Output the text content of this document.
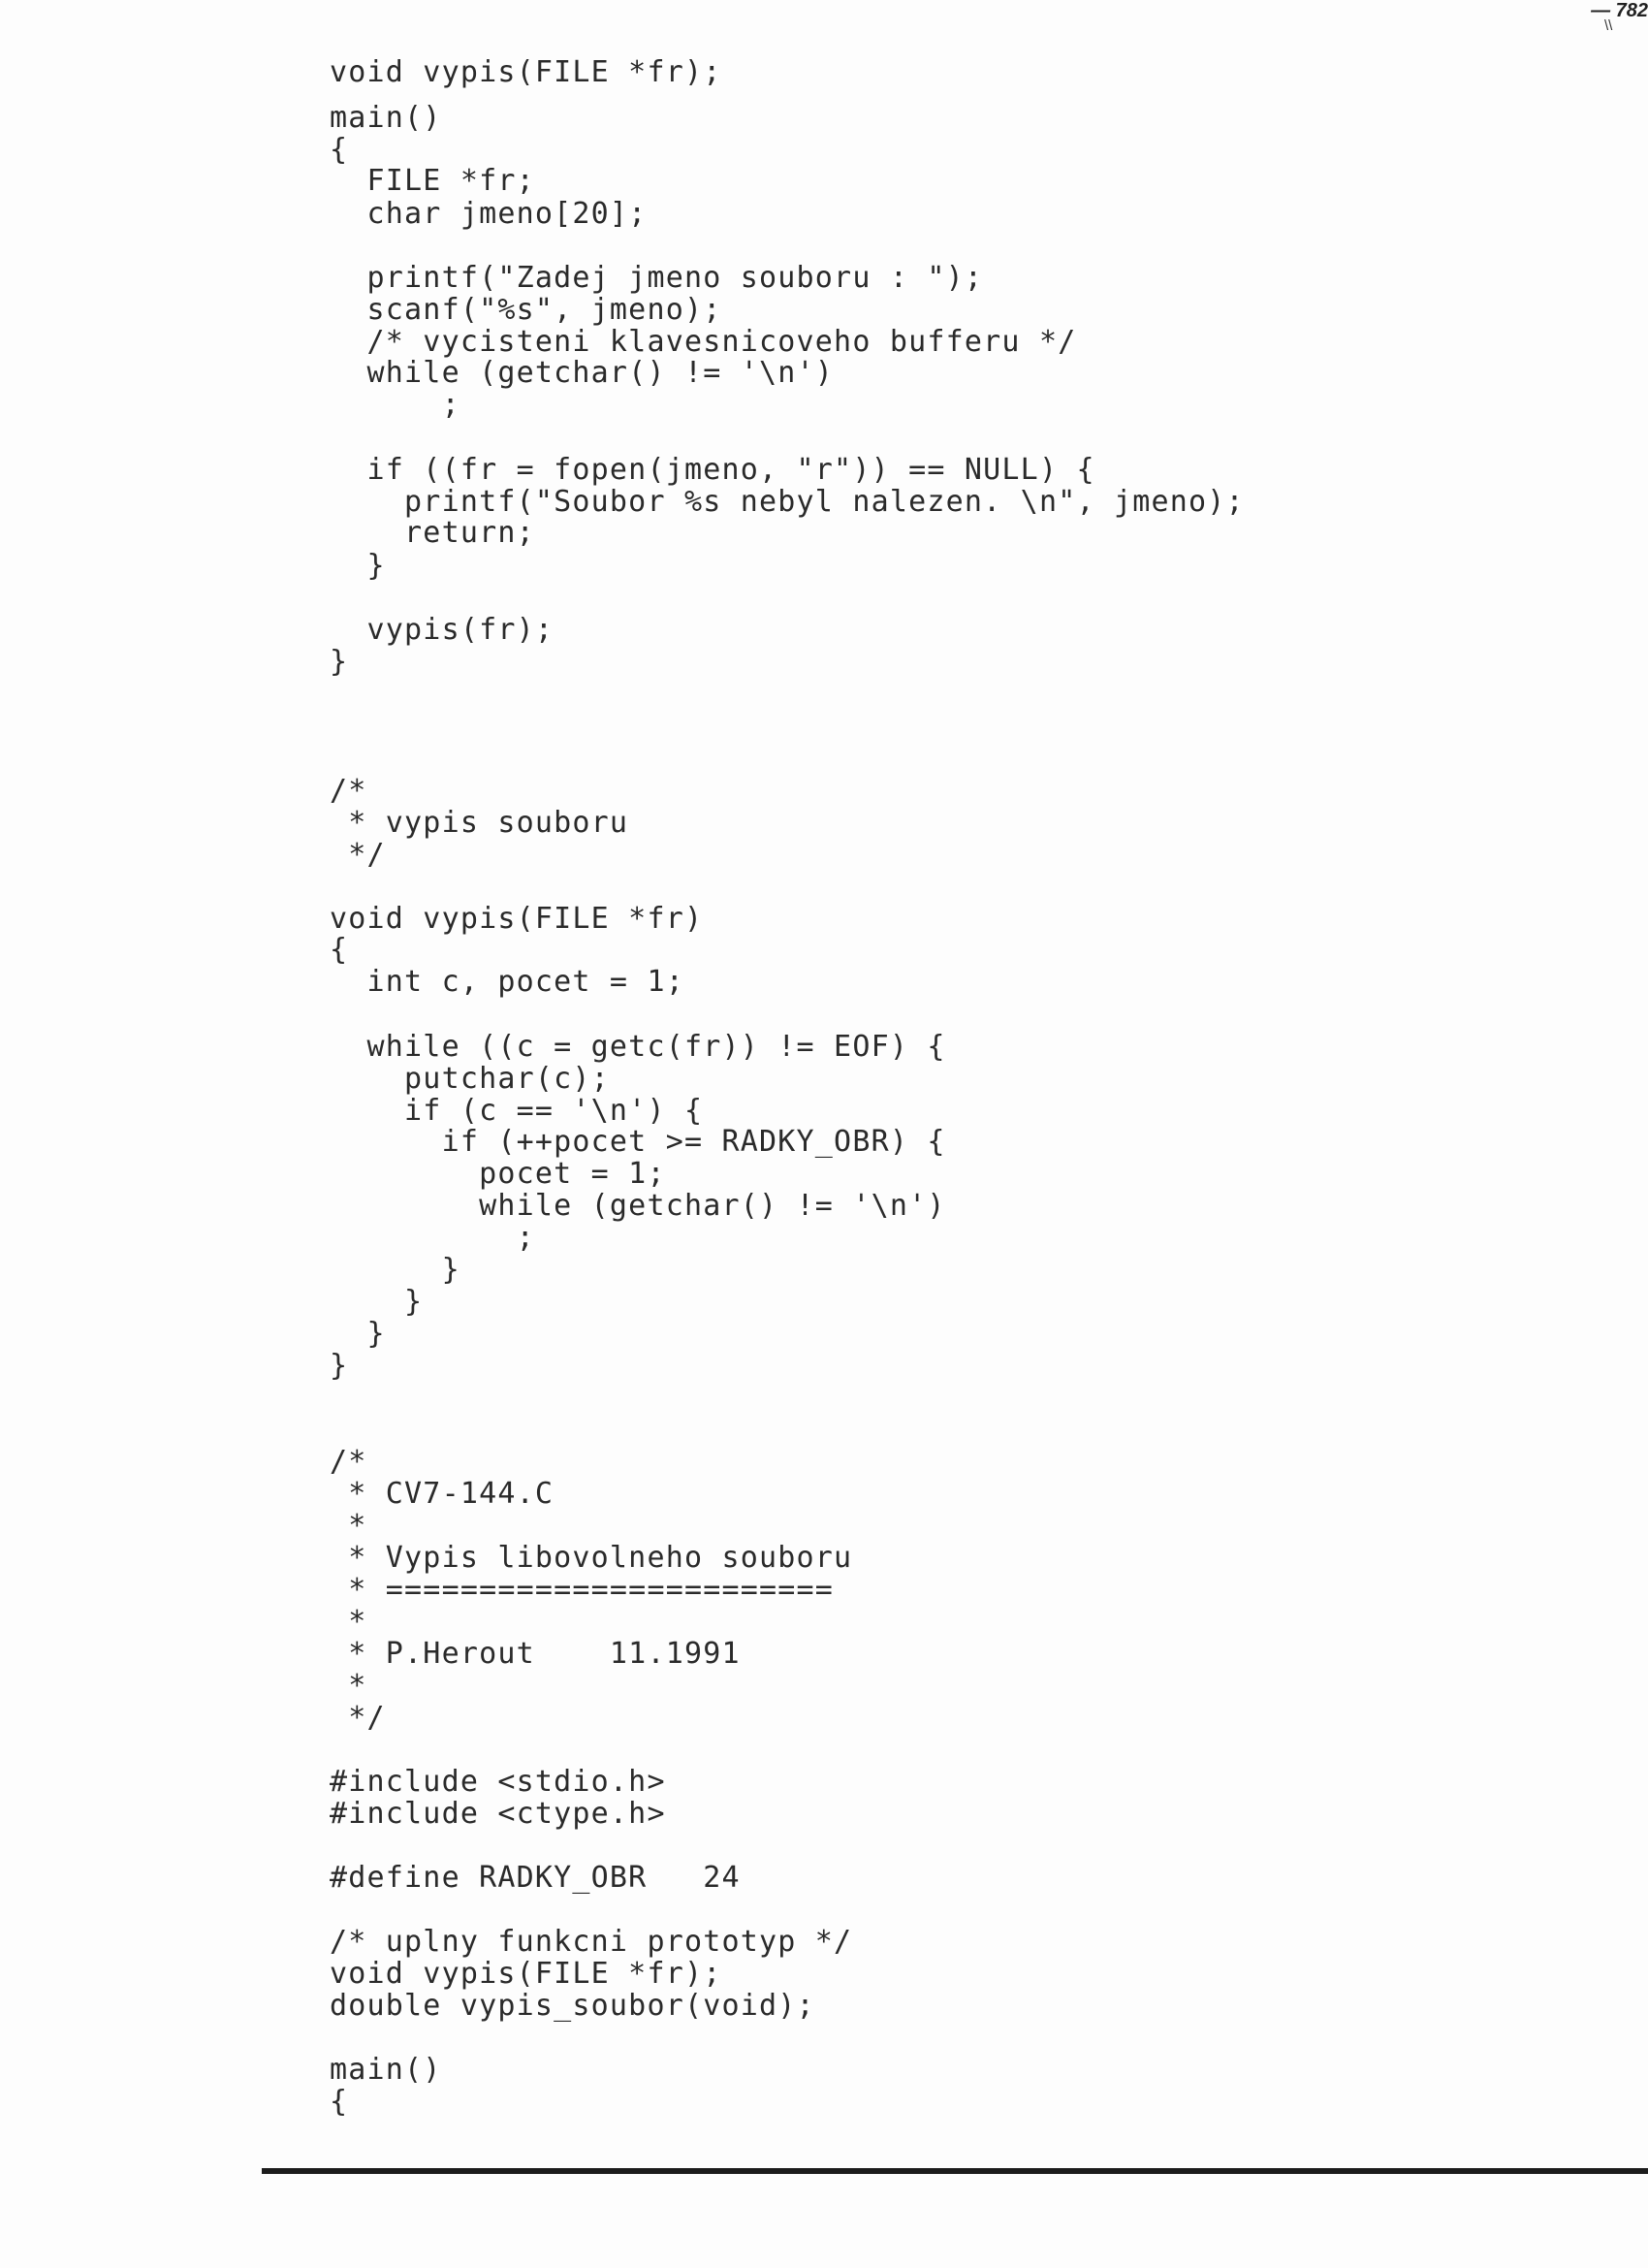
— 782
\\
void vypis(FILE *fr);
main()
{
FILE *fr;
char jmeno[20];
printf("Zadej jmeno souboru : ");
scanf("%s", jmeno);
/* vycisteni klavesnicoveho bufferu */
while (getchar() != '\n')
;
if ((fr = fopen(jmeno, "r")) == NULL) {
printf("Soubor %s nebyl nalezen. \n", jmeno);
return;
}
vypis(fr);
}
/*
* vypis souboru
*/
void vypis(FILE *fr)
{
int c, pocet = 1;
while ((c = getc(fr)) != EOF) {
putchar(c);
if (c == '\n') {
if (++pocet >= RADKY_OBR) {
pocet = 1;
while (getchar() != '\n')
;
}
}
}
}
/*
* CV7-144.C
*
* Vypis libovolneho souboru
* ========================
*
* P.Herout    11.1991
*
*/
#include <stdio.h>
#include <ctype.h>
#define RADKY_OBR   24
/* uplny funkcni prototyp */
void vypis(FILE *fr);
double vypis_soubor(void);
main()
{
